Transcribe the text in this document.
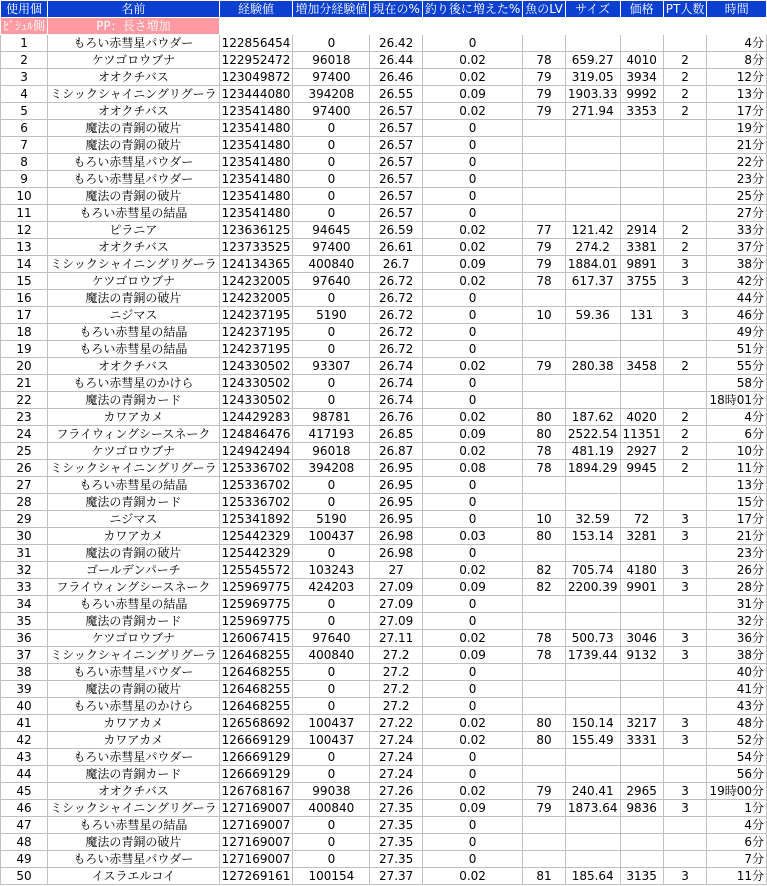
使用個	名前	経験値	増加分経験値	現在の%	釣り後に増えた%	魚のLV	サイズ	価格	PT人数	時間
ﾋﾞｼｭﾙ側	PP：長さ増加									
1	もろい赤彗星パウダー	122856454	0	26.42	0					4分
2	ケツゴロウブナ	122952472	96018	26.44	0.02	78	659.27	4010	2	8分
3	オオクチバス	123049872	97400	26.46	0.02	79	319.05	3934	2	12分
4	ミシックシャイニングリグーラ	123444080	394208	26.55	0.09	79	1903.33	9992	2	13分
5	オオクチバス	123541480	97400	26.57	0.02	79	271.94	3353	2	17分
6	魔法の青銅の破片	123541480	0	26.57	0					19分
7	魔法の青銅の破片	123541480	0	26.57	0					21分
8	もろい赤彗星パウダー	123541480	0	26.57	0					22分
9	もろい赤彗星パウダー	123541480	0	26.57	0					23分
10	魔法の青銅の破片	123541480	0	26.57	0					25分
11	もろい赤彗星の結晶	123541480	0	26.57	0					27分
12	ピラニア	123636125	94645	26.59	0.02	77	121.42	2914	2	33分
13	オオクチバス	123733525	97400	26.61	0.02	79	274.2	3381	2	37分
14	ミシックシャイニングリグーラ	124134365	400840	26.7	0.09	79	1884.01	9891	3	38分
15	ケツゴロウブナ	124232005	97640	26.72	0.02	78	617.37	3755	3	42分
16	魔法の青銅の破片	124232005	0	26.72	0					44分
17	ニジマス	124237195	5190	26.72	0	10	59.36	131	3	46分
18	もろい赤彗星の結晶	124237195	0	26.72	0					49分
19	もろい赤彗星の結晶	124237195	0	26.72	0					51分
20	オオクチバス	124330502	93307	26.74	0.02	79	280.38	3458	2	55分
21	もろい赤彗星のかけら	124330502	0	26.74	0					58分
22	魔法の青銅カード	124330502	0	26.74	0					18時01分
23	カワアカメ	124429283	98781	26.76	0.02	80	187.62	4020	2	4分
24	フライウィングシースネーク	124846476	417193	26.85	0.09	80	2522.54	11351	2	6分
25	ケツゴロウブナ	124942494	96018	26.87	0.02	78	481.19	2927	2	10分
26	ミシックシャイニングリグーラ	125336702	394208	26.95	0.08	78	1894.29	9945	2	11分
27	もろい赤彗星の結晶	125336702	0	26.95	0					13分
28	魔法の青銅カード	125336702	0	26.95	0					15分
29	ニジマス	125341892	5190	26.95	0	10	32.59	72	3	17分
30	カワアカメ	125442329	100437	26.98	0.03	80	153.14	3281	3	21分
31	魔法の青銅の破片	125442329	0	26.98	0					23分
32	ゴールデンパーチ	125545572	103243	27	0.02	82	705.74	4180	3	26分
33	フライウィングシースネーク	125969775	424203	27.09	0.09	82	2200.39	9901	3	28分
34	もろい赤彗星の結晶	125969775	0	27.09	0					31分
35	魔法の青銅カード	125969775	0	27.09	0					32分
36	ケツゴロウブナ	126067415	97640	27.11	0.02	78	500.73	3046	3	36分
37	ミシックシャイニングリグーラ	126468255	400840	27.2	0.09	78	1739.44	9132	3	38分
38	もろい赤彗星パウダー	126468255	0	27.2	0					40分
39	魔法の青銅の破片	126468255	0	27.2	0					41分
40	もろい赤彗星のかけら	126468255	0	27.2	0					43分
41	カワアカメ	126568692	100437	27.22	0.02	80	150.14	3217	3	48分
42	カワアカメ	126669129	100437	27.24	0.02	80	155.49	3331	3	52分
43	もろい赤彗星パウダー	126669129	0	27.24	0					54分
44	魔法の青銅カード	126669129	0	27.24	0					56分
45	オオクチバス	126768167	99038	27.26	0.02	79	240.41	2965	3	19時00分
46	ミシックシャイニングリグーラ	127169007	400840	27.35	0.09	79	1873.64	9836	3	1分
47	もろい赤彗星の結晶	127169007	0	27.35	0					4分
48	魔法の青銅の破片	127169007	0	27.35	0					6分
49	もろい赤彗星パウダー	127169007	0	27.35	0					7分
50	イスラエルコイ	127269161	100154	27.37	0.02	81	185.64	3135	3	11分
